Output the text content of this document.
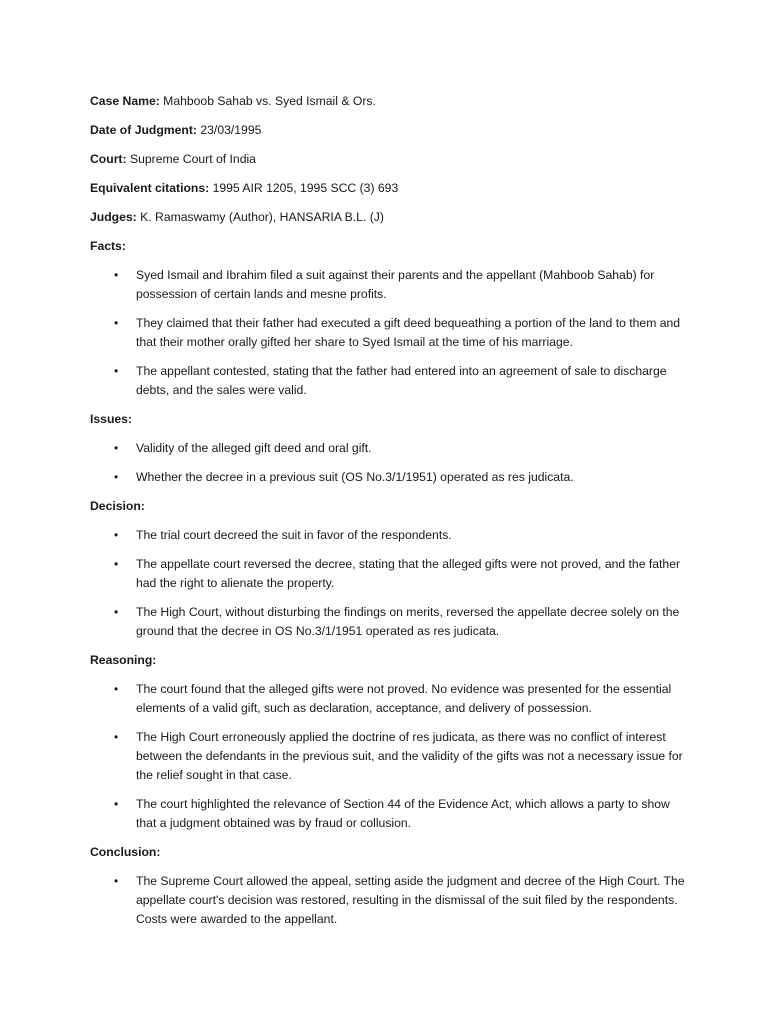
Case Name: Mahboob Sahab vs. Syed Ismail & Ors.

Date of Judgment: 23/03/1995

Court: Supreme Court of India

Equivalent citations: 1995 AIR 1205, 1995 SCC (3) 693

Judges: K. Ramaswamy (Author), HANSARIA B.L. (J)

Facts:

• Syed Ismail and Ibrahim filed a suit against their parents and the appellant (Mahboob Sahab) for possession of certain lands and mesne profits.
• They claimed that their father had executed a gift deed bequeathing a portion of the land to them and that their mother orally gifted her share to Syed Ismail at the time of his marriage.
• The appellant contested, stating that the father had entered into an agreement of sale to discharge debts, and the sales were valid.

Issues:

• Validity of the alleged gift deed and oral gift.
• Whether the decree in a previous suit (OS No.3/1/1951) operated as res judicata.

Decision:

• The trial court decreed the suit in favor of the respondents.
• The appellate court reversed the decree, stating that the alleged gifts were not proved, and the father had the right to alienate the property.
• The High Court, without disturbing the findings on merits, reversed the appellate decree solely on the ground that the decree in OS No.3/1/1951 operated as res judicata.

Reasoning:

• The court found that the alleged gifts were not proved. No evidence was presented for the essential elements of a valid gift, such as declaration, acceptance, and delivery of possession.
• The High Court erroneously applied the doctrine of res judicata, as there was no conflict of interest between the defendants in the previous suit, and the validity of the gifts was not a necessary issue for the relief sought in that case.
• The court highlighted the relevance of Section 44 of the Evidence Act, which allows a party to show that a judgment obtained was by fraud or collusion.

Conclusion:

• The Supreme Court allowed the appeal, setting aside the judgment and decree of the High Court. The appellate court's decision was restored, resulting in the dismissal of the suit filed by the respondents. Costs were awarded to the appellant.
